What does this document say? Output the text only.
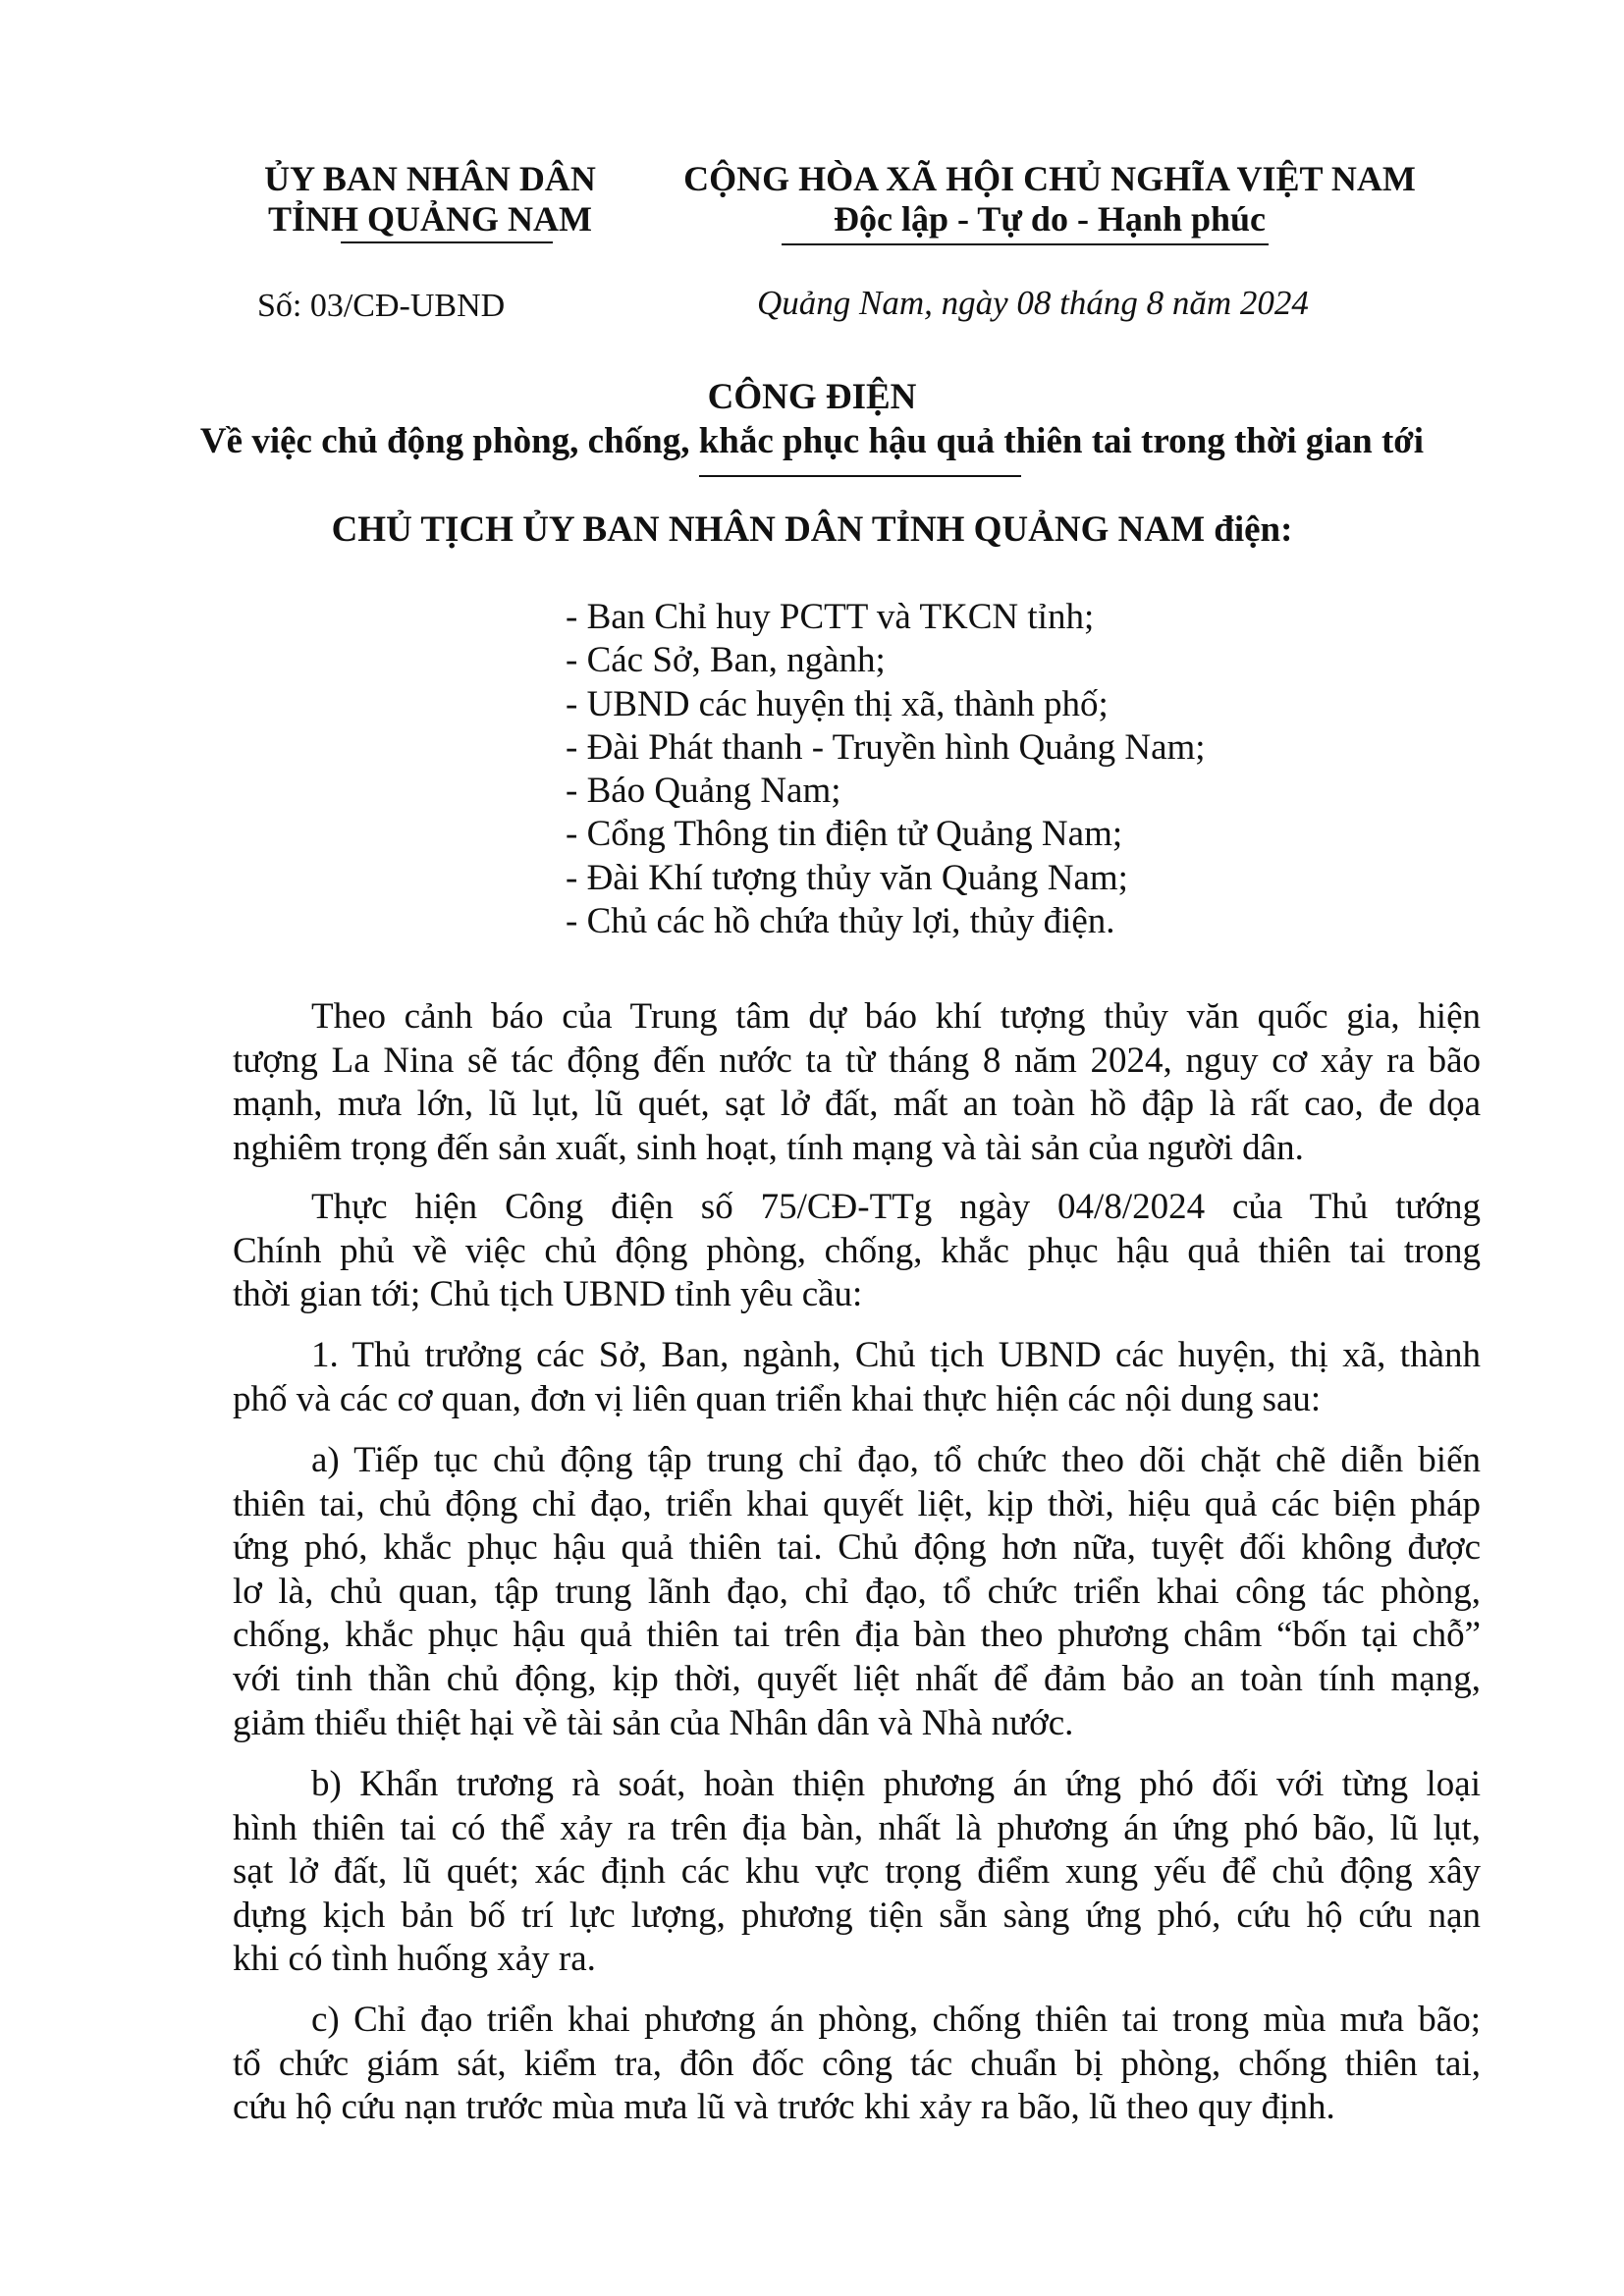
ỦY BAN NHÂN DÂN
TỈNH QUẢNG NAM
CỘNG HÒA XÃ HỘI CHỦ NGHĨA VIỆT NAM
Độc lập - Tự do - Hạnh phúc
Số: 03/CĐ-UBND	Quảng Nam, ngày 08 tháng 8 năm 2024
CÔNG ĐIỆN
Về việc chủ động phòng, chống, khắc phục hậu quả thiên tai trong thời gian tới
CHỦ TỊCH ỦY BAN NHÂN DÂN TỈNH QUẢNG NAM điện:
- Ban Chỉ huy PCTT và TKCN tỉnh;
- Các Sở, Ban, ngành;
- UBND các huyện thị xã, thành phố;
- Đài Phát thanh - Truyền hình Quảng Nam;
- Báo Quảng Nam;
- Cổng Thông tin điện tử Quảng Nam;
- Đài Khí tượng thủy văn Quảng Nam;
- Chủ các hồ chứa thủy lợi, thủy điện.
Theo cảnh báo của Trung tâm dự báo khí tượng thủy văn quốc gia, hiện
tượng La Nina sẽ tác động đến nước ta từ tháng 8 năm 2024, nguy cơ xảy ra bão
mạnh, mưa lớn, lũ lụt, lũ quét, sạt lở đất, mất an toàn hồ đập là rất cao, đe dọa
nghiêm trọng đến sản xuất, sinh hoạt, tính mạng và tài sản của người dân.
Thực hiện Công điện số 75/CĐ-TTg ngày 04/8/2024 của Thủ tướng
Chính phủ về việc chủ động phòng, chống, khắc phục hậu quả thiên tai trong
thời gian tới; Chủ tịch UBND tỉnh yêu cầu:
1. Thủ trưởng các Sở, Ban, ngành, Chủ tịch UBND các huyện, thị xã, thành
phố và các cơ quan, đơn vị liên quan triển khai thực hiện các nội dung sau:
a) Tiếp tục chủ động tập trung chỉ đạo, tổ chức theo dõi chặt chẽ diễn biến
thiên tai, chủ động chỉ đạo, triển khai quyết liệt, kịp thời, hiệu quả các biện pháp
ứng phó, khắc phục hậu quả thiên tai. Chủ động hơn nữa, tuyệt đối không được
lơ là, chủ quan, tập trung lãnh đạo, chỉ đạo, tổ chức triển khai công tác phòng,
chống, khắc phục hậu quả thiên tai trên địa bàn theo phương châm “bốn tại chỗ”
với tinh thần chủ động, kịp thời, quyết liệt nhất để đảm bảo an toàn tính mạng,
giảm thiểu thiệt hại về tài sản của Nhân dân và Nhà nước.
b) Khẩn trương rà soát, hoàn thiện phương án ứng phó đối với từng loại
hình thiên tai có thể xảy ra trên địa bàn, nhất là phương án ứng phó bão, lũ lụt,
sạt lở đất, lũ quét; xác định các khu vực trọng điểm xung yếu để chủ động xây
dựng kịch bản bố trí lực lượng, phương tiện sẵn sàng ứng phó, cứu hộ cứu nạn
khi có tình huống xảy ra.
c) Chỉ đạo triển khai phương án phòng, chống thiên tai trong mùa mưa bão;
tổ chức giám sát, kiểm tra, đôn đốc công tác chuẩn bị phòng, chống thiên tai,
cứu hộ cứu nạn trước mùa mưa lũ và trước khi xảy ra bão, lũ theo quy định.
